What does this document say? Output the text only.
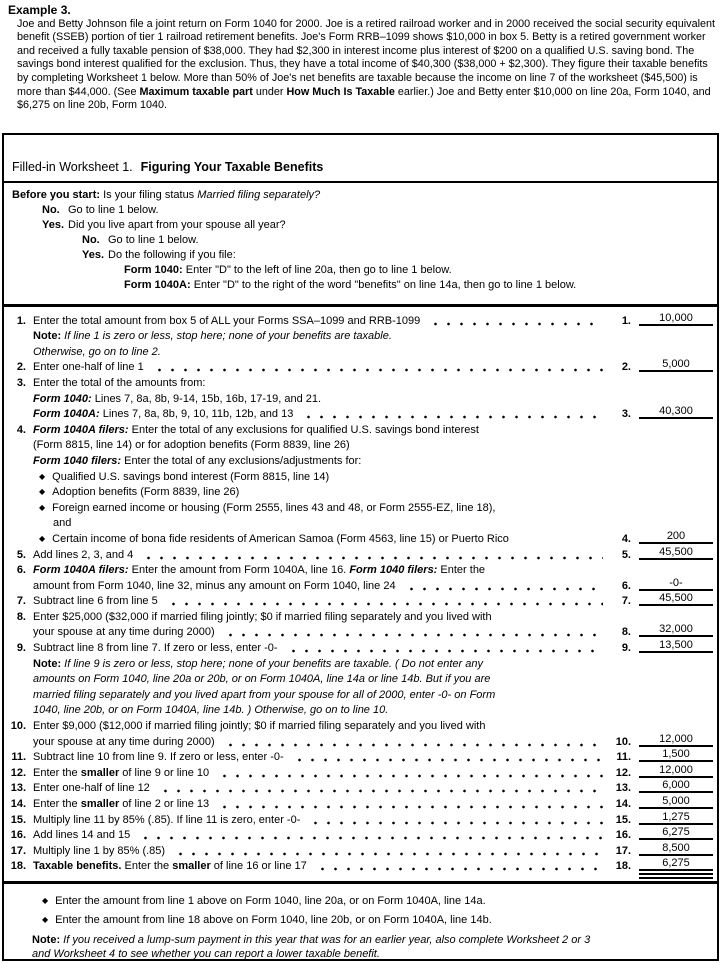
Example 3.
Joe and Betty Johnson file a joint return on Form 1040 for 2000. Joe is a retired railroad worker and in 2000 received the social security equivalent benefit (SSEB) portion of tier 1 railroad retirement benefits. Joe's Form RRB–1099 shows $10,000 in box 5. Betty is a retired government worker and received a fully taxable pension of $38,000. They had $2,300 in interest income plus interest of $200 on a qualified U.S. saving bond. The savings bond interest qualified for the exclusion. Thus, they have a total income of $40,300 ($38,000 + $2,300). They figure their taxable benefits by completing Worksheet 1 below. More than 50% of Joe's net benefits are taxable because the income on line 7 of the worksheet ($45,500) is more than $44,000. (See Maximum taxable part under How Much Is Taxable earlier.) Joe and Betty enter $10,000 on line 20a, Form 1040, and $6,275 on line 20b, Form 1040.
Filled-in Worksheet 1. Figuring Your Taxable Benefits
Before you start: Is your filing status Married filing separately?
No. Go to line 1 below.
Yes. Did you live apart from your spouse all year?
No. Go to line 1 below.
Yes. Do the following if you file:
Form 1040: Enter "D" to the left of line 20a, then go to line 1 below.
Form 1040A: Enter "D" to the right of the word "benefits" on line 14a, then go to line 1 below.
1. Enter the total amount from box 5 of ALL your Forms SSA–1099 and RRB-1099	1.	10,000
Note: If line 1 is zero or less, stop here; none of your benefits are taxable.
Otherwise, go on to line 2.
2. Enter one-half of line 1	2.	5,000
3. Enter the total of the amounts from:
Form 1040: Lines 7, 8a, 8b, 9-14, 15b, 16b, 17-19, and 21.
Form 1040A: Lines 7, 8a, 8b, 9, 10, 11b, 12b, and 13	3.	40,300
4. Form 1040A filers: Enter the total of any exclusions for qualified U.S. savings bond interest
(Form 8815, line 14) or for adoption benefits (Form 8839, line 26)
Form 1040 filers: Enter the total of any exclusions/adjustments for:
◆ Qualified U.S. savings bond interest (Form 8815, line 14)
◆ Adoption benefits (Form 8839, line 26)
◆ Foreign earned income or housing (Form 2555, lines 43 and 48, or Form 2555-EZ, line 18),
and
◆ Certain income of bona fide residents of American Samoa (Form 4563, line 15) or Puerto Rico	4.	200
5. Add lines 2, 3, and 4	5.	45,500
6. Form 1040A filers: Enter the amount from Form 1040A, line 16. Form 1040 filers: Enter the
amount from Form 1040, line 32, minus any amount on Form 1040, line 24	6.	-0-
7. Subtract line 6 from line 5	7.	45,500
8. Enter $25,000 ($32,000 if married filing jointly; $0 if married filing separately and you lived with
your spouse at any time during 2000)	8.	32,000
9. Subtract line 8 from line 7. If zero or less, enter -0-	9.	13,500
Note: If line 9 is zero or less, stop here; none of your benefits are taxable. ( Do not enter any
amounts on Form 1040, line 20a or 20b, or on Form 1040A, line 14a or line 14b. But if you are
married filing separately and you lived apart from your spouse for all of 2000, enter -0- on Form
1040, line 20b, or on Form 1040A, line 14b. ) Otherwise, go on to line 10.
10. Enter $9,000 ($12,000 if married filing jointly; $0 if married filing separately and you lived with
your spouse at any time during 2000)	10.	12,000
11. Subtract line 10 from line 9. If zero or less, enter -0-	11.	1,500
12. Enter the smaller of line 9 or line 10	12.	12,000
13. Enter one-half of line 12	13.	6,000
14. Enter the smaller of line 2 or line 13	14.	5,000
15. Multiply line 11 by 85% (.85). If line 11 is zero, enter -0-	15.	1,275
16. Add lines 14 and 15	16.	6,275
17. Multiply line 1 by 85% (.85)	17.	8,500
18. Taxable benefits. Enter the smaller of line 16 or line 17	18.	6,275
◆ Enter the amount from line 1 above on Form 1040, line 20a, or on Form 1040A, line 14a.
◆ Enter the amount from line 18 above on Form 1040, line 20b, or on Form 1040A, line 14b.
Note: If you received a lump-sum payment in this year that was for an earlier year, also complete Worksheet 2 or 3 and Worksheet 4 to see whether you can report a lower taxable benefit.
